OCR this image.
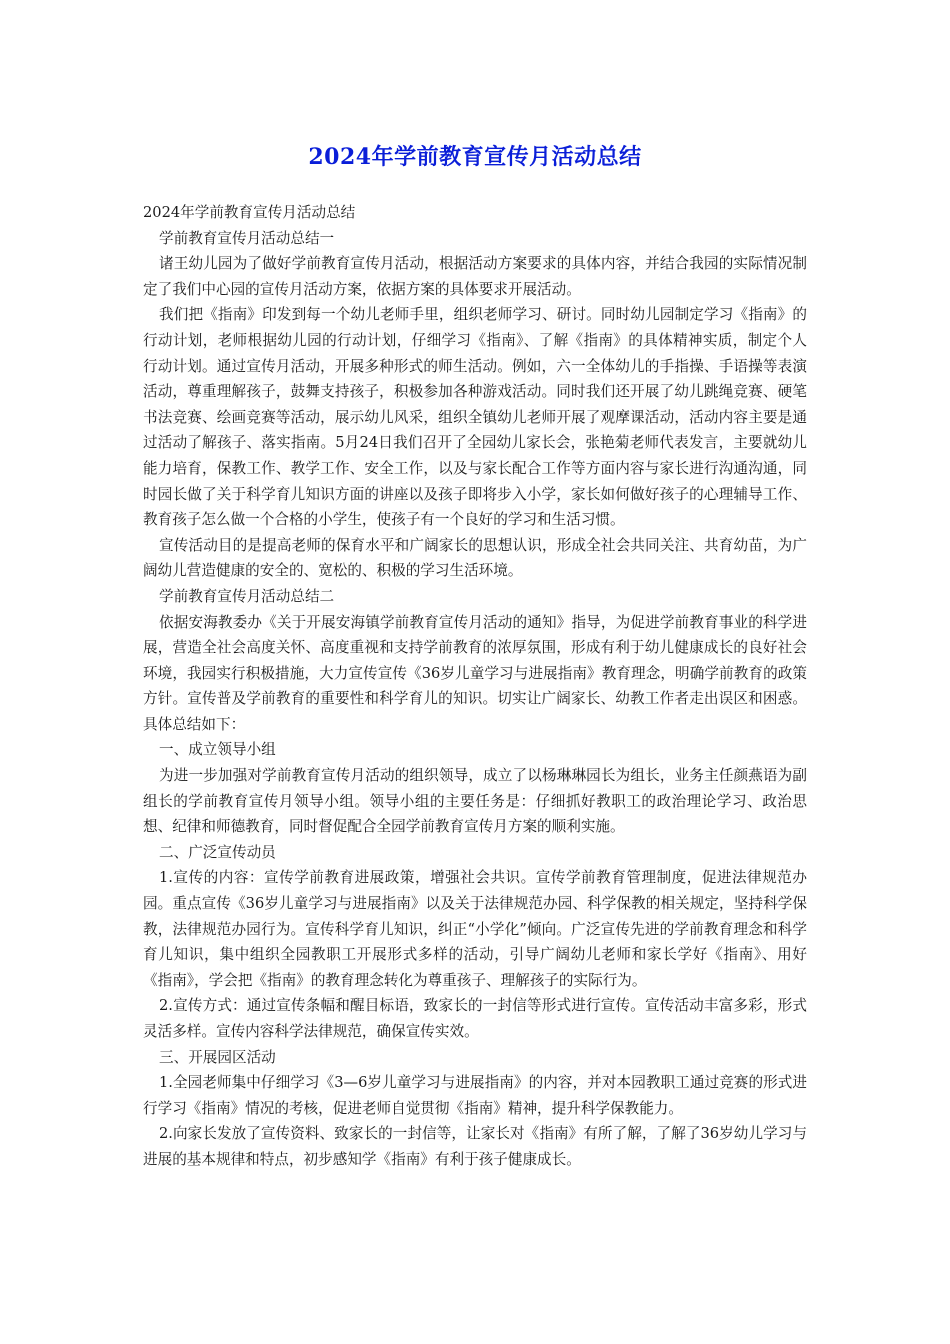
2024年学前教育宣传月活动总结

2024年学前教育宣传月活动总结

学前教育宣传月活动总结一

诸王幼儿园为了做好学前教育宣传月活动，根据活动方案要求的具体内容，并结合我园的实际情况制定了我们中心园的宣传月活动方案，依据方案的具体要求开展活动。

我们把《指南》印发到每一个幼儿老师手里，组织老师学习、研讨。同时幼儿园制定学习《指南》的行动计划，老师根据幼儿园的行动计划，仔细学习《指南》、了解《指南》的具体精神实质，制定个人行动计划。通过宣传月活动，开展多种形式的师生活动。例如，六一全体幼儿的手指操、手语操等表演活动，尊重理解孩子，鼓舞支持孩子，积极参加各种游戏活动。同时我们还开展了幼儿跳绳竞赛、硬笔书法竞赛、绘画竞赛等活动，展示幼儿风采，组织全镇幼儿老师开展了观摩课活动，活动内容主要是通过活动了解孩子、落实指南。5月24日我们召开了全园幼儿家长会，张艳菊老师代表发言，主要就幼儿能力培育，保教工作、教学工作、安全工作，以及与家长配合工作等方面内容与家长进行沟通沟通，同时园长做了关于科学育儿知识方面的讲座以及孩子即将步入小学，家长如何做好孩子的心理辅导工作、教育孩子怎么做一个合格的小学生，使孩子有一个良好的学习和生活习惯。

宣传活动目的是提高老师的保育水平和广阔家长的思想认识，形成全社会共同关注、共育幼苗，为广阔幼儿营造健康的安全的、宽松的、积极的学习生活环境。

学前教育宣传月活动总结二

依据安海教委办《关于开展安海镇学前教育宣传月活动的通知》指导，为促进学前教育事业的科学进展，营造全社会高度关怀、高度重视和支持学前教育的浓厚氛围，形成有利于幼儿健康成长的良好社会环境，我园实行积极措施，大力宣传宣传《36岁儿童学习与进展指南》教育理念，明确学前教育的政策方针。宣传普及学前教育的重要性和科学育儿的知识。切实让广阔家长、幼教工作者走出误区和困惑。具体总结如下：

一、成立领导小组

为进一步加强对学前教育宣传月活动的组织领导，成立了以杨琳琳园长为组长，业务主任颜燕语为副组长的学前教育宣传月领导小组。领导小组的主要任务是：仔细抓好教职工的政治理论学习、政治思想、纪律和师德教育，同时督促配合全园学前教育宣传月方案的顺利实施。

二、广泛宣传动员

1.宣传的内容：宣传学前教育进展政策，增强社会共识。宣传学前教育管理制度，促进法律规范办园。重点宣传《36岁儿童学习与进展指南》以及关于法律规范办园、科学保教的相关规定，坚持科学保教，法律规范办园行为。宣传科学育儿知识，纠正“小学化”倾向。广泛宣传先进的学前教育理念和科学育儿知识，集中组织全园教职工开展形式多样的活动，引导广阔幼儿老师和家长学好《指南》、用好《指南》，学会把《指南》的教育理念转化为尊重孩子、理解孩子的实际行为。

2.宣传方式：通过宣传条幅和醒目标语，致家长的一封信等形式进行宣传。宣传活动丰富多彩，形式灵活多样。宣传内容科学法律规范，确保宣传实效。

三、开展园区活动

1.全园老师集中仔细学习《3—6岁儿童学习与进展指南》的内容，并对本园教职工通过竞赛的形式进行学习《指南》情况的考核，促进老师自觉贯彻《指南》精神，提升科学保教能力。

2.向家长发放了宣传资料、致家长的一封信等，让家长对《指南》有所了解，了解了36岁幼儿学习与进展的基本规律和特点，初步感知学《指南》有利于孩子健康成长。
